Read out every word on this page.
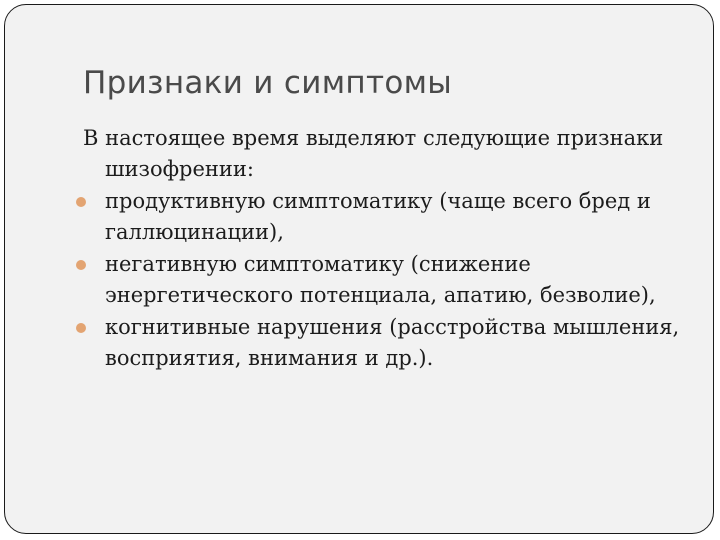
Признаки и симптомы

В настоящее время выделяют следующие признаки шизофрении:

продуктивную симптоматику (чаще всего бред и галлюцинации),
негативную симптоматику (снижение энергетического потенциала, апатию, безволие),
когнитивные нарушения (расстройства мышления, восприятия, внимания и др.).
